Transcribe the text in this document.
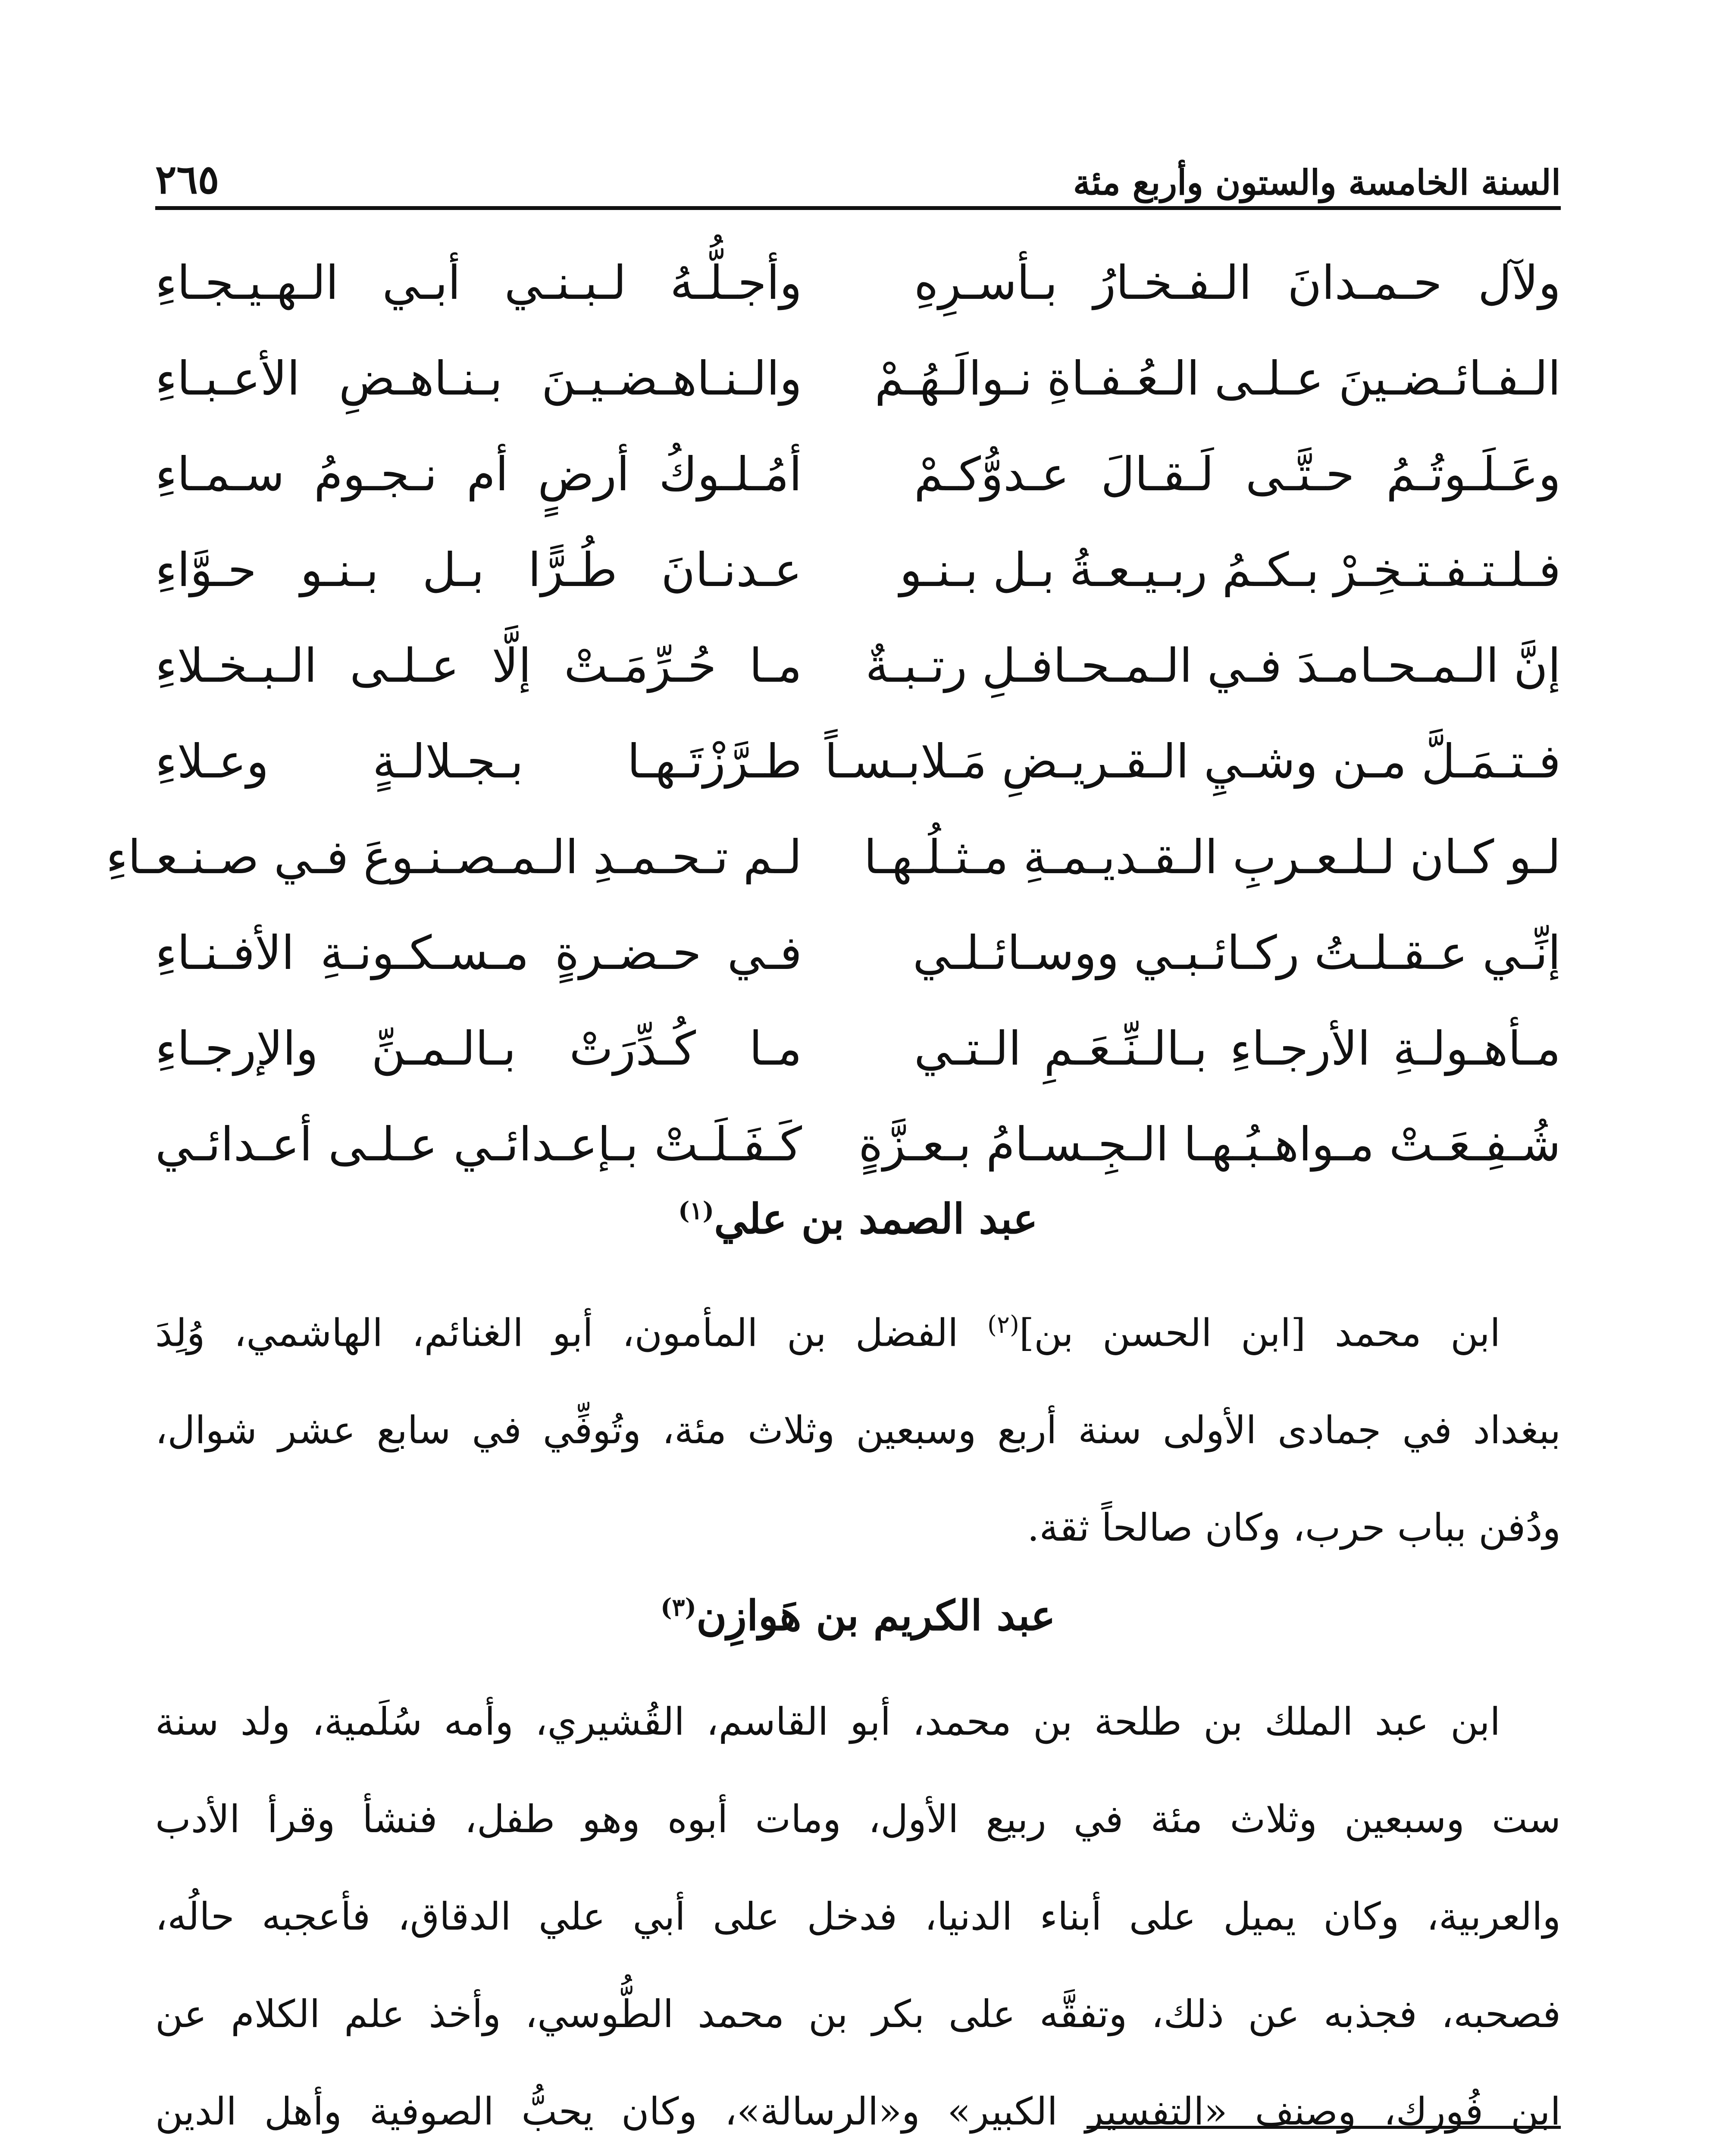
السنة الخامسة والستون وأربع مئة
٢٦٥
ولآل حـمـدانَ الـفـخـارُ بـأسـرِهِ
وأجـلُّـهُ لـبـنـي أبـي الـهـيـجـاءِ
الـفـائـضـينَ عـلـى الـعُـفـاةِ نـوالَـهُـمْ
والـنـاهـضـيـنَ بـنـاهـضِ الأعـبـاءِ
وعَـلَـوتُـمُ حـتَّـى لَـقـالَ عـدوُّكـمْ
أمُـلـوكُ أرضٍ أم نـجـومُ سـمـاءِ
فـلـتـفـتـخِـرْ بـكـمُ ربـيـعـةُ بـل بـنـو
عـدنـانَ طُـرًّا بـل بـنـو حـوَّاءِ
إنَّ الـمـحـامـدَ فـي الـمـحـافـلِ رتـبـةٌ
مـا حُـرِّمَـتْ إلَّا عـلـى الـبـخـلاءِ
فـتـمَـلَّ مـن وشـيِ الـقـريـضِ مَـلابـسـاً
طـرَّزْتَـهـا بـجـلالـةٍ وعـلاءِ
لـو كـان لـلـعـربِ الـقـديـمـةِ مـثـلُـهـا
لـم تـحـمـدِ الـمـصـنـوعَ فـي صـنـعـاءِ
إنِّـي عـقـلـتُ ركـائـبـي ووسـائـلـي
فـي حـضـرةٍ مـسـكـونـةِ الأفـنـاءِ
مـأهـولـةِ الأرجـاءِ بـالـنِّـعَـمِ الـتـي
مـا كُـدِّرَتْ بـالـمـنِّ والإرجـاءِ
شُـفِـعَـتْ مـواهـبُـهـا الـجِـسـامُ بـعـزَّةٍ
كَـفَـلَـتْ بـإعـدائـي عـلـى أعـدائـي
عبد الصمد بن علي$^{(١)}$
ابن محمد [ابن الحسن بن]$^{(٢)}$ الفضل بن المأمون، أبو الغنائم، الهاشمي، وُلِدَ
ببغداد في جمادى الأولى سنة أربع وسبعين وثلاث مئة، وتُوفِّي في سابع عشر شوال،
ودُفن بباب حرب، وكان صالحاً ثقة.
عبد الكريم بن هَوازِن$^{(٣)}$
ابن عبد الملك بن طلحة بن محمد، أبو القاسم، القُشيري، وأمه سُلَمية، ولد سنة
ست وسبعين وثلاث مئة في ربيع الأول، ومات أبوه وهو طفل، فنشأ وقرأ الأدب
والعربية، وكان يميل على أبناء الدنيا، فدخل على أبي علي الدقاق، فأعجبه حالُه،
فصحبه، فجذبه عن ذلك، وتفقَّه على بكر بن محمد الطُّوسي، وأخذ علم الكلام عن
ابن فُورك، وصنف «التفسير الكبير» و«الرسالة»، وكان يحبُّ الصوفية وأهل الدين
